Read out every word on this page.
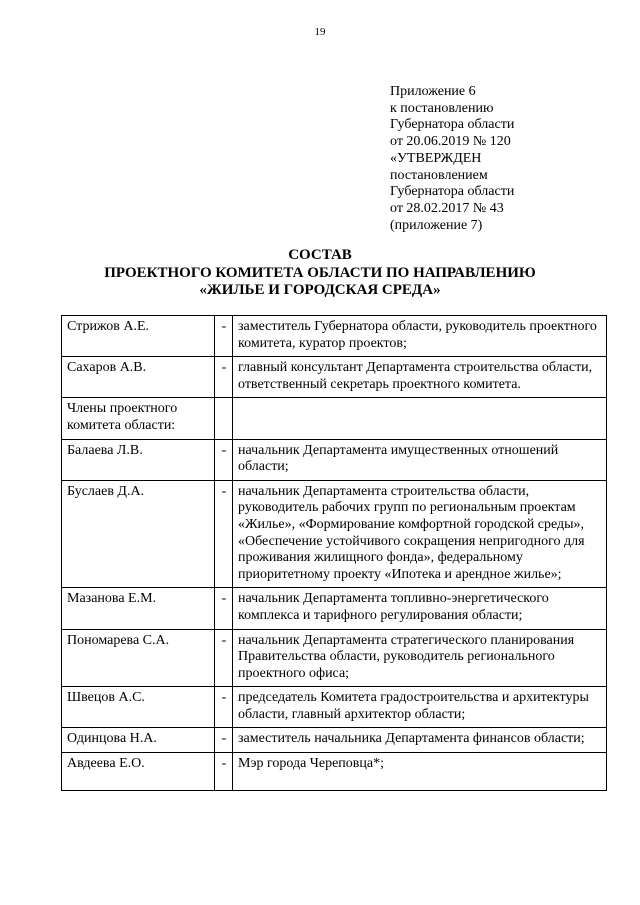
19
Приложение 6
к постановлению
Губернатора области
от 20.06.2019 № 120
«УТВЕРЖДЕН
постановлением
Губернатора области
от 28.02.2017 № 43
(приложение 7)
СОСТАВ
ПРОЕКТНОГО КОМИТЕТА ОБЛАСТИ ПО НАПРАВЛЕНИЮ
«ЖИЛЬЕ И ГОРОДСКАЯ СРЕДА»
Стрижов А.Е.	-	заместитель Губернатора области, руководитель проектного комитета, куратор проектов;
Сахаров А.В.	-	главный консультант Департамента строительства области, ответственный секретарь проектного комитета.
Члены проектного комитета области:		
Балаева Л.В.	-	начальник Департамента имущественных отношений области;
Буслаев Д.А.	-	начальник Департамента строительства области, руководитель рабочих групп по региональным проектам «Жилье», «Формирование комфортной городской среды», «Обеспечение устойчивого сокращения непригодного для проживания жилищного фонда», федеральному приоритетному проекту «Ипотека и арендное жилье»;
Мазанова Е.М.	-	начальник Департамента топливно-энергетического комплекса и тарифного регулирования области;
Пономарева С.А.	-	начальник Департамента стратегического планирования Правительства области, руководитель регионального проектного офиса;
Швецов А.С.	-	председатель Комитета градостроительства и архитектуры области, главный архитектор области;
Одинцова Н.А.	-	заместитель начальника Департамента финансов области;
Авдеева Е.О.	-	Мэр города Череповца*;
